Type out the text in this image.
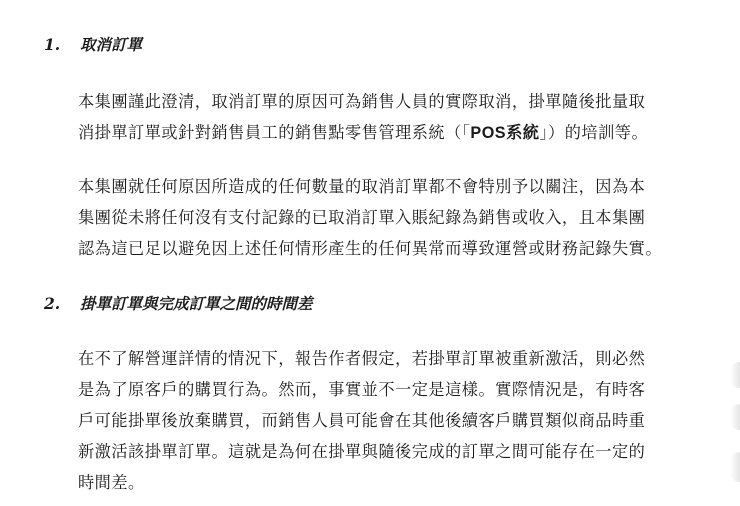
1. 取消訂單
本集團謹此澄清，取消訂單的原因可為銷售人員的實際取消，掛單隨後批量取
消掛單訂單或針對銷售員工的銷售點零售管理系統（「POS系統」）的培訓等。
本集團就任何原因所造成的任何數量的取消訂單都不會特別予以關注，因為本
集團從未將任何沒有支付記錄的已取消訂單入賬紀錄為銷售或收入，且本集團
認為這已足以避免因上述任何情形產生的任何異常而導致運營或財務記錄失實。
2. 掛單訂單與完成訂單之間的時間差
在不了解營運詳情的情況下，報告作者假定，若掛單訂單被重新激活，則必然
是為了原客戶的購買行為。然而，事實並不一定是這樣。實際情況是，有時客
戶可能掛單後放棄購買，而銷售人員可能會在其他後續客戶購買類似商品時重
新激活該掛單訂單。這就是為何在掛單與隨後完成的訂單之間可能存在一定的
時間差。
